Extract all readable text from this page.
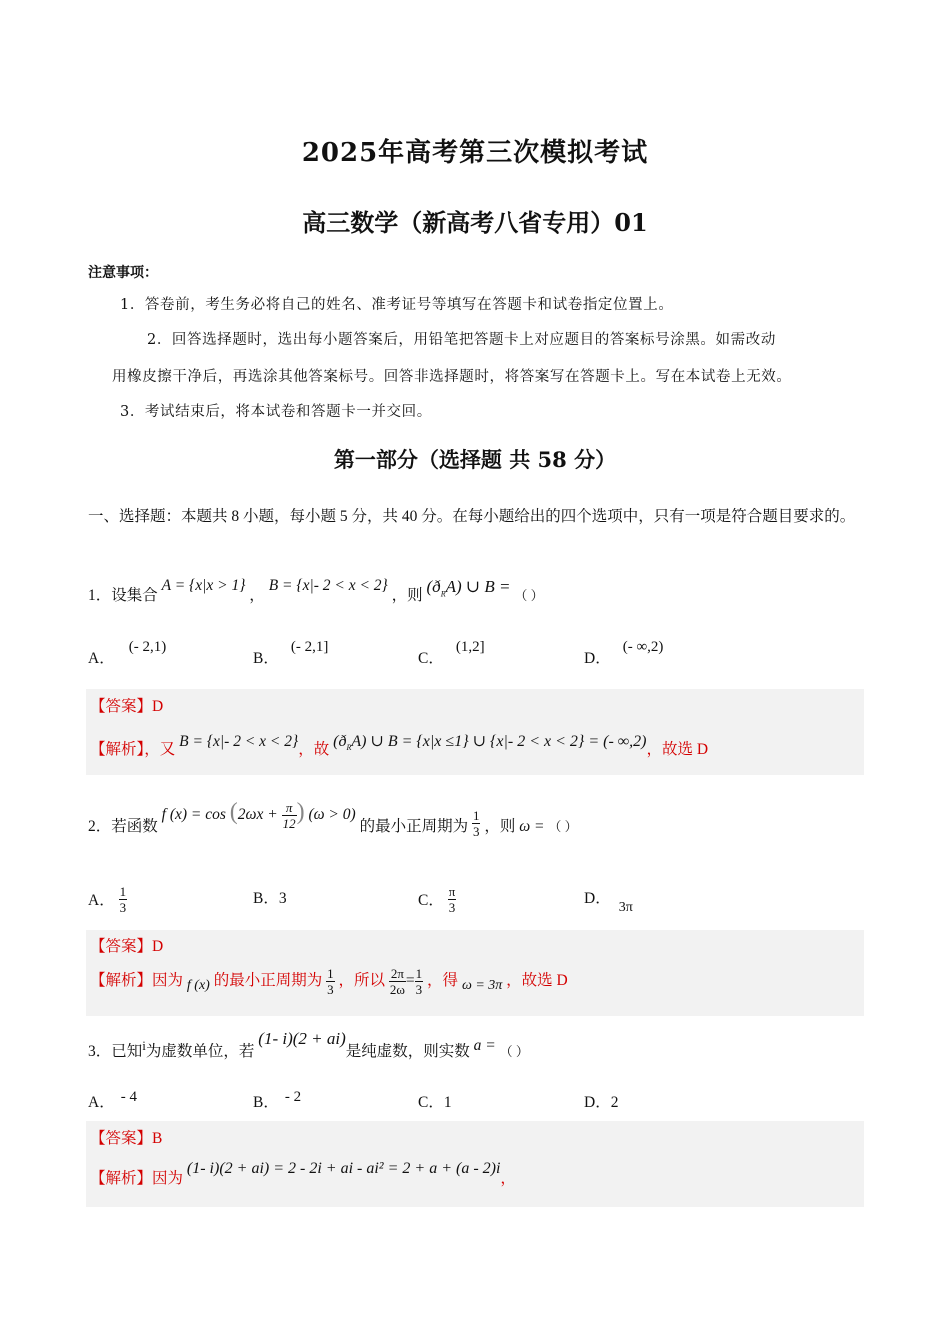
2025年高考第三次模拟考试
高三数学（新高考八省专用）01
注意事项：
1．答卷前，考生务必将自己的姓名、准考证号等填写在答题卡和试卷指定位置上。
2．回答选择题时，选出每小题答案后，用铅笔把答题卡上对应题目的答案标号涂黑。如需改动
用橡皮擦干净后，再选涂其他答案标号。回答非选择题时，将答案写在答题卡上。写在本试卷上无效。
3．考试结束后，将本试卷和答题卡一并交回。
第一部分（选择题 共 58 分）
一、选择题：本题共 8 小题，每小题 5 分，共 40 分。在每小题给出的四个选项中，只有一项是符合题目要求的。
1．设集合 A = {x|x > 1} ， B = {x|- 2 < x < 2} ，则 $(ð_RA)$ ∪ B = （ ）
A．(- 2,1)
B．(- 2,1]
C．(1,2]
D．(- ∞,2)
【答案】D
【解析】，又 B = {x|- 2 < x < 2}，故 $(ð_RA)$ ∪ B = {x|x ≤1} ∪ {x|- 2 < x < 2} = (- ∞,2)，故选 D
2．若函数 f $(x) = \cos (2\omega x + \frac{\pi}{12}$ ) (ω > 0) 的最小正周期为 $\frac{1}{3}$ ，则 ω = （ ）
A． $\frac{1}{3}$	B．3	C． $\frac{\pi}{3}$	D．3π
【答案】D
【解析】因为 f (x) 的最小正周期为 $\frac{1}{3}$ ，所以 $\frac{2\pi}{2\omega} = \frac{1}{3}$ ，得 ω = 3π ，故选 D
3．已知$^i$为虚数单位，若 (1- i)(2 + ai)是纯虚数，则实数 a = （ ）
A． - 4	B． - 2	C．1	D．2
【答案】B
【解析】因为 (1- i)(2 + ai) = 2 - 2i + ai - ai² = 2 + a + (a - 2)i，
